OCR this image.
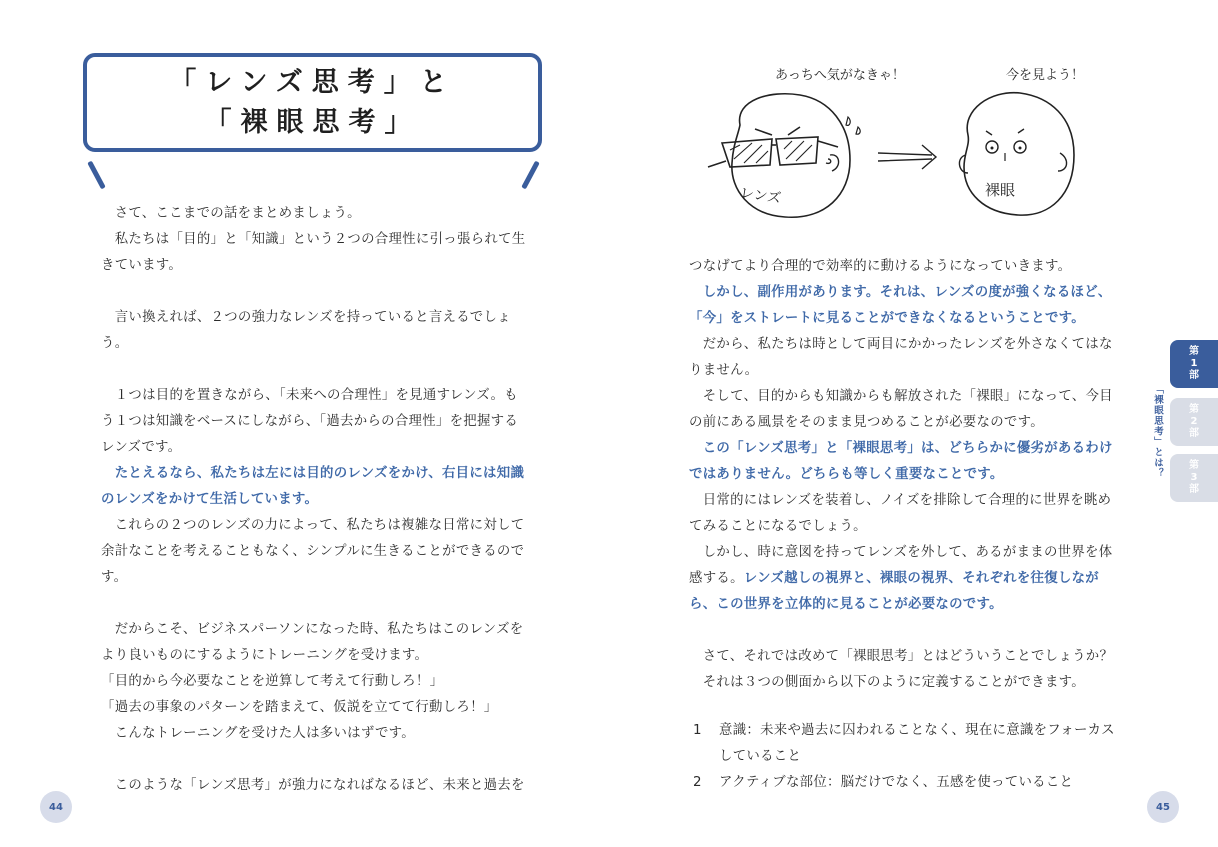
「レンズ思考」と
「裸眼思考」
　さて、ここまでの話をまとめましょう。
　私たちは「目的」と「知識」という２つの合理性に引っ張られて生
きています。
　言い換えれば、２つの強力なレンズを持っていると言えるでしょ
う。
　１つは目的を置きながら、「未来への合理性」を見通すレンズ。も
う１つは知識をベースにしながら、「過去からの合理性」を把握する
レンズです。
　たとえるなら、私たちは左には目的のレンズをかけ、右目には知識
のレンズをかけて生活しています。
　これらの２つのレンズの力によって、私たちは複雑な日常に対して
余計なことを考えることもなく、シンプルに生きることができるので
す。
　だからこそ、ビジネスパーソンになった時、私たちはこのレンズを
より良いものにするようにトレーニングを受けます。
「目的から今必要なことを逆算して考えて行動しろ！」
「過去の事象のパターンを踏まえて、仮説を立てて行動しろ！」
　こんなトレーニングを受けた人は多いはずです。
　このような「レンズ思考」が強力になればなるほど、未来と過去を
44
レンズ
あっちへ気がなきゃ！
裸眼
今を見よう！
つなげてより合理的で効率的に動けるようになっていきます。
　しかし、副作用があります。それは、レンズの度が強くなるほど、
「今」をストレートに見ることができなくなるということです。
　だから、私たちは時として両目にかかったレンズを外さなくてはな
りません。
　そして、目的からも知識からも解放された「裸眼」になって、今目
の前にある風景をそのまま見つめることが必要なのです。
　この「レンズ思考」と「裸眼思考」は、どちらかに優劣があるわけ
ではありません。どちらも等しく重要なことです。
　日常的にはレンズを装着し、ノイズを排除して合理的に世界を眺め
てみることになるでしょう。
　しかし、時に意図を持ってレンズを外して、あるがままの世界を体
感する。レンズ越しの視界と、裸眼の視界、それぞれを往復しなが
ら、この世界を立体的に見ることが必要なのです。
　さて、それでは改めて「裸眼思考」とはどういうことでしょうか？
　それは３つの側面から以下のように定義することができます。
1 意識：未来や過去に囚われることなく、現在に意識をフォーカス
していること
2 アクティブな部位：脳だけでなく、五感を使っていること
45
「裸眼思考」とは？
第
1
部
第
2
部
第
3
部
